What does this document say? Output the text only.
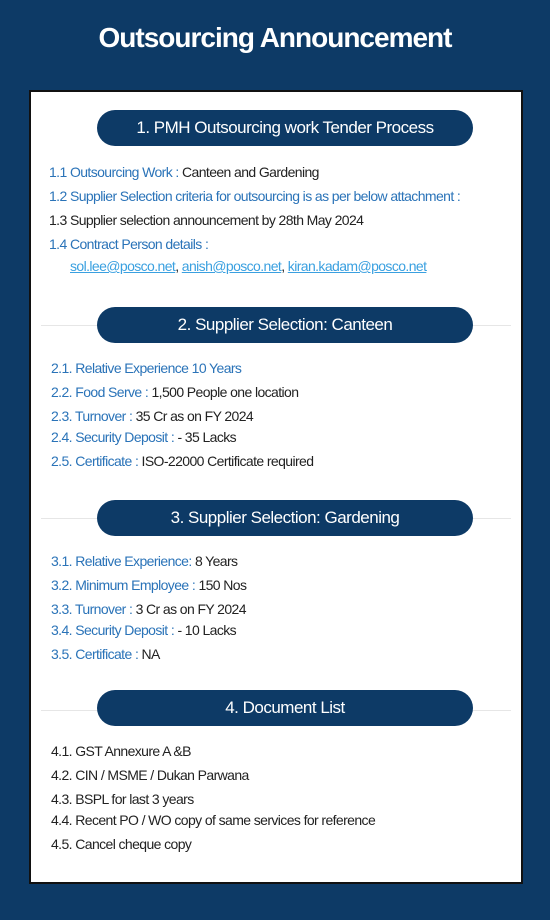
Outsourcing Announcement
1. PMH Outsourcing work Tender Process
1.1 Outsourcing Work : Canteen and Gardening
1.2 Supplier Selection criteria for outsourcing is as per below attachment :
1.3 Supplier selection announcement by 28th May 2024
1.4 Contract Person details :
sol.lee@posco.net, anish@posco.net, kiran.kadam@posco.net
2. Supplier Selection: Canteen
2.1. Relative Experience 10 Years
2.2. Food Serve : 1,500 People one location
2.3. Turnover : 35 Cr as on FY 2024
2.4. Security Deposit : - 35 Lacks
2.5. Certificate : ISO-22000 Certificate required
3. Supplier Selection: Gardening
3.1. Relative Experience: 8 Years
3.2. Minimum Employee : 150 Nos
3.3. Turnover : 3 Cr as on FY 2024
3.4. Security Deposit : - 10 Lacks
3.5. Certificate : NA
4. Document List
4.1. GST Annexure A &B
4.2. CIN / MSME / Dukan Parwana
4.3. BSPL for last 3 years
4.4. Recent PO / WO copy of same services for reference
4.5. Cancel cheque copy
